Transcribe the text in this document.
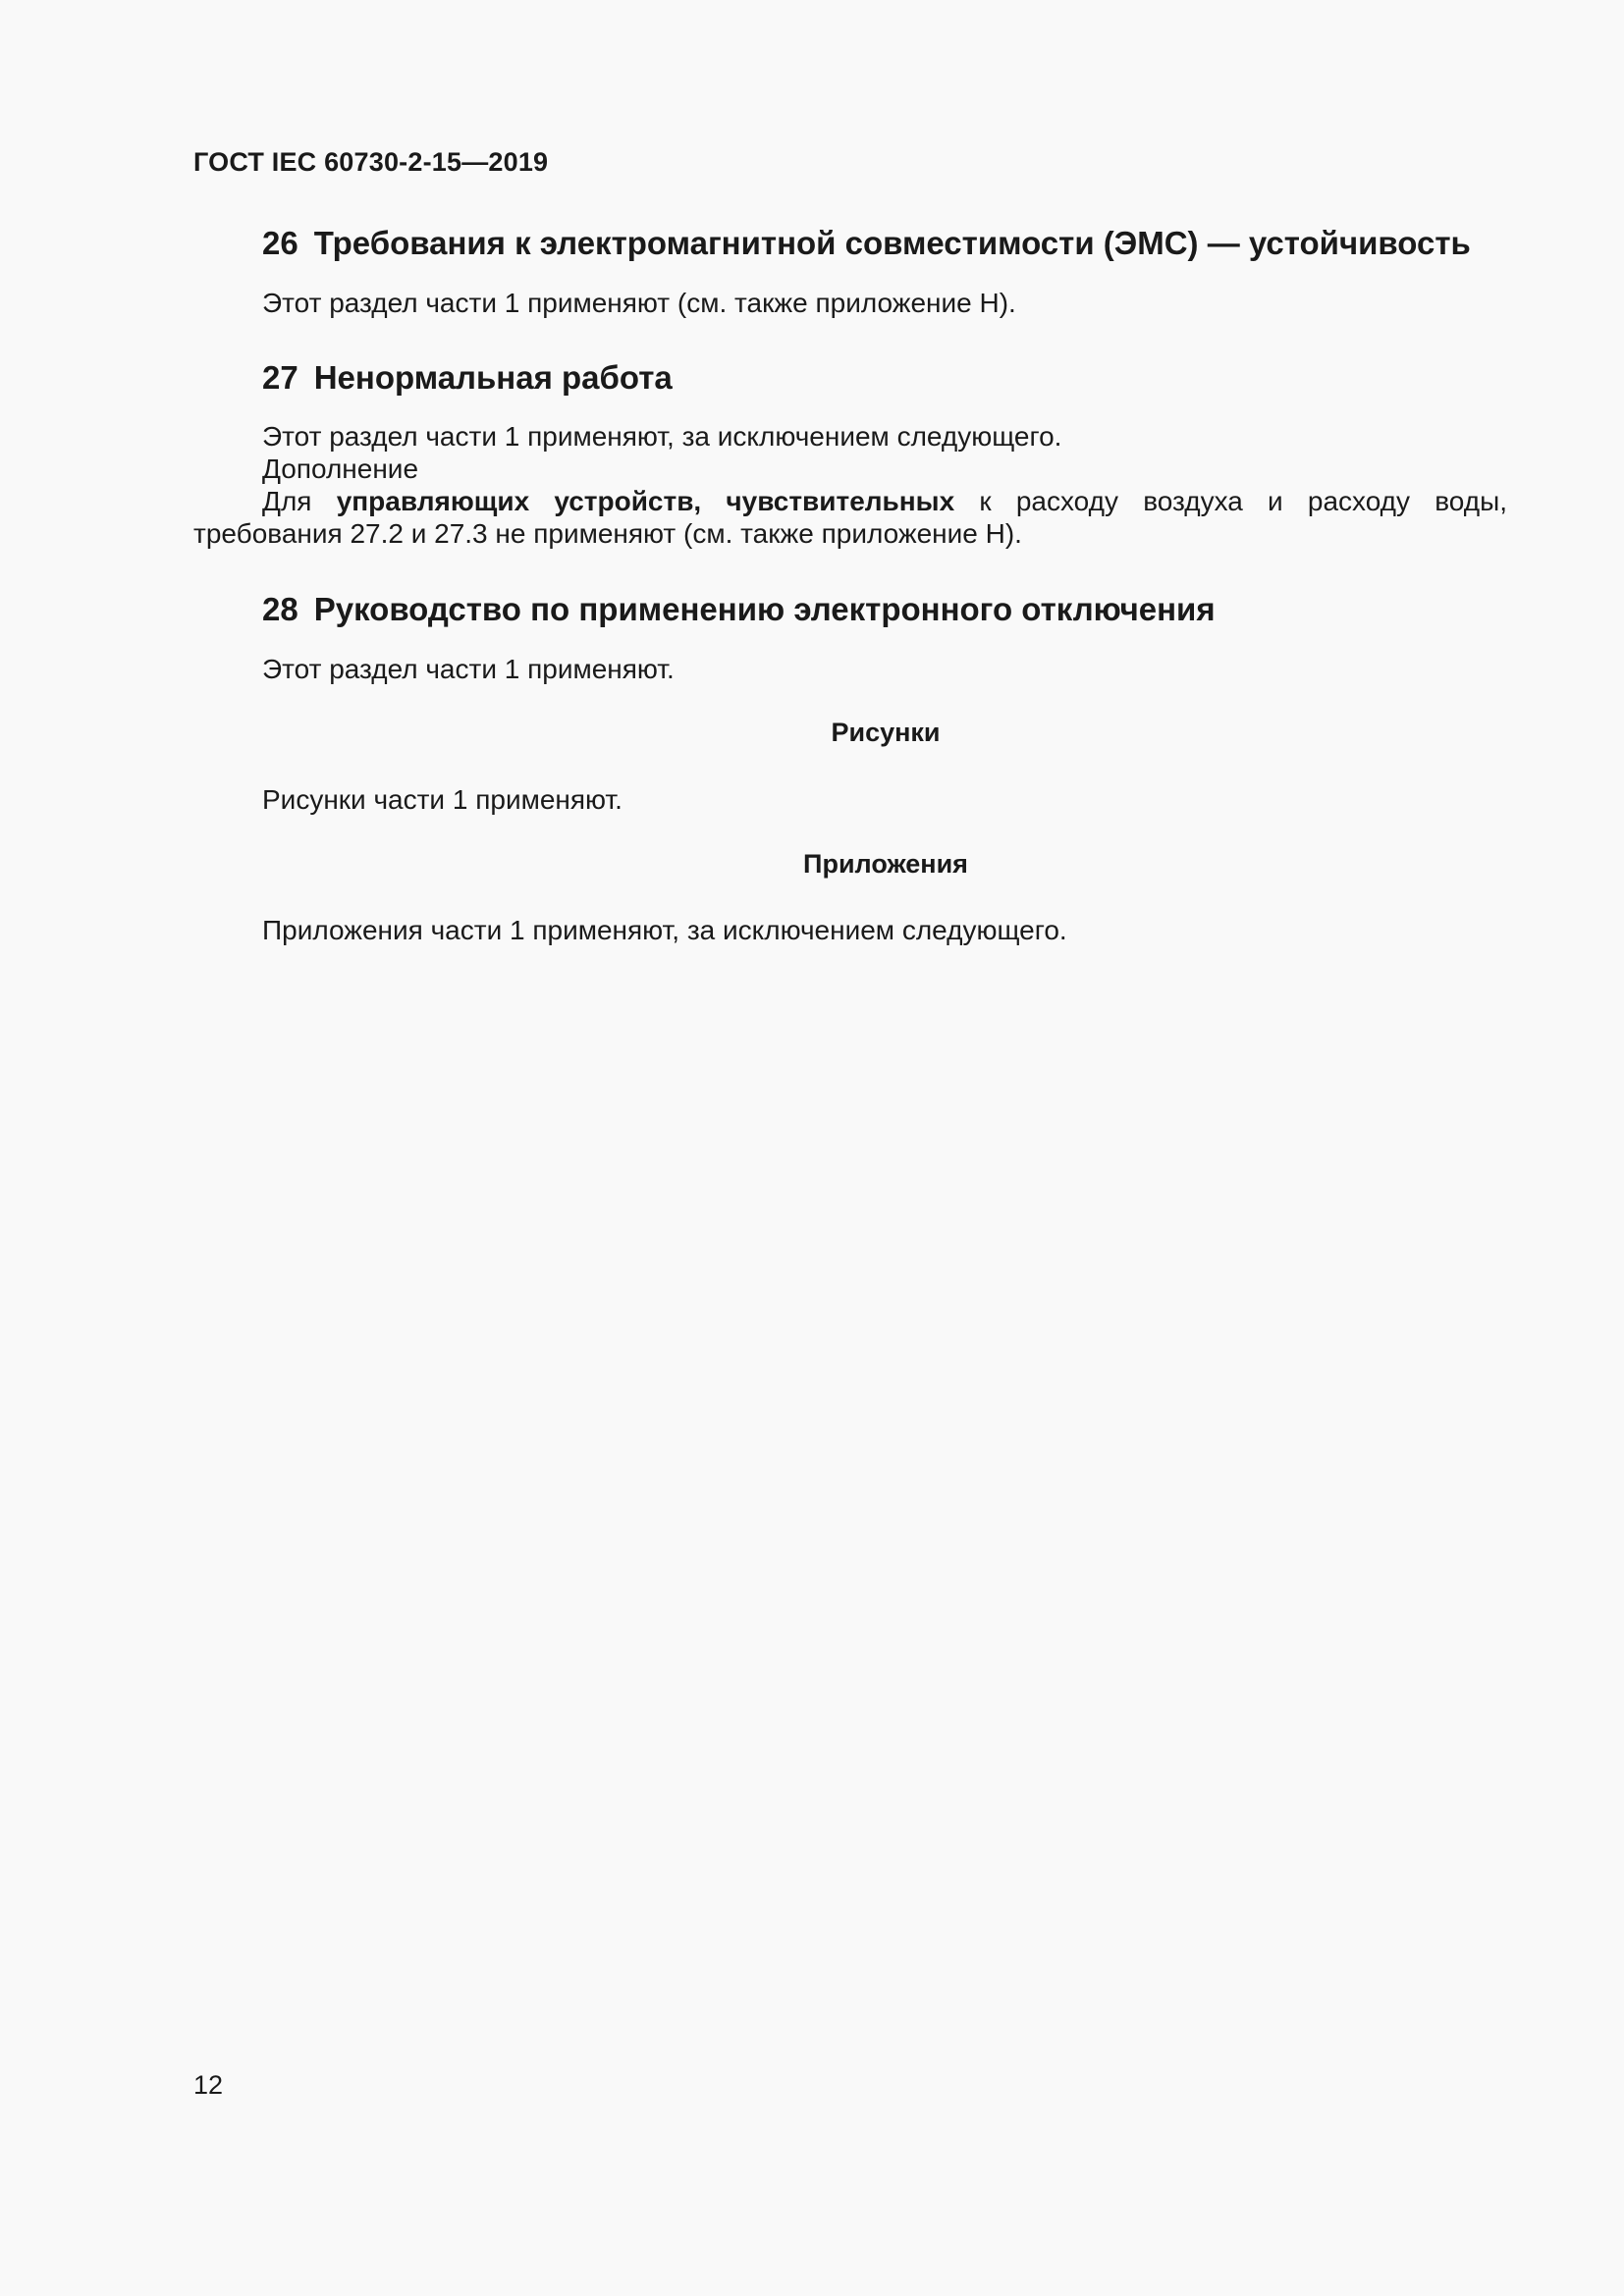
ГОСТ IEC 60730-2-15—2019
26 Требования к электромагнитной совместимости (ЭМС) — устойчивость
Этот раздел части 1 применяют (см. также приложение Н).
27 Ненормальная работа
Этот раздел части 1 применяют, за исключением следующего.
Дополнение
Для управляющих устройств, чувствительных к расходу воздуха и расходу воды, требования 27.2 и 27.3 не применяют (см. также приложение Н).
28 Руководство по применению электронного отключения
Этот раздел части 1 применяют.
Рисунки
Рисунки части 1 применяют.
Приложения
Приложения части 1 применяют, за исключением следующего.
12
